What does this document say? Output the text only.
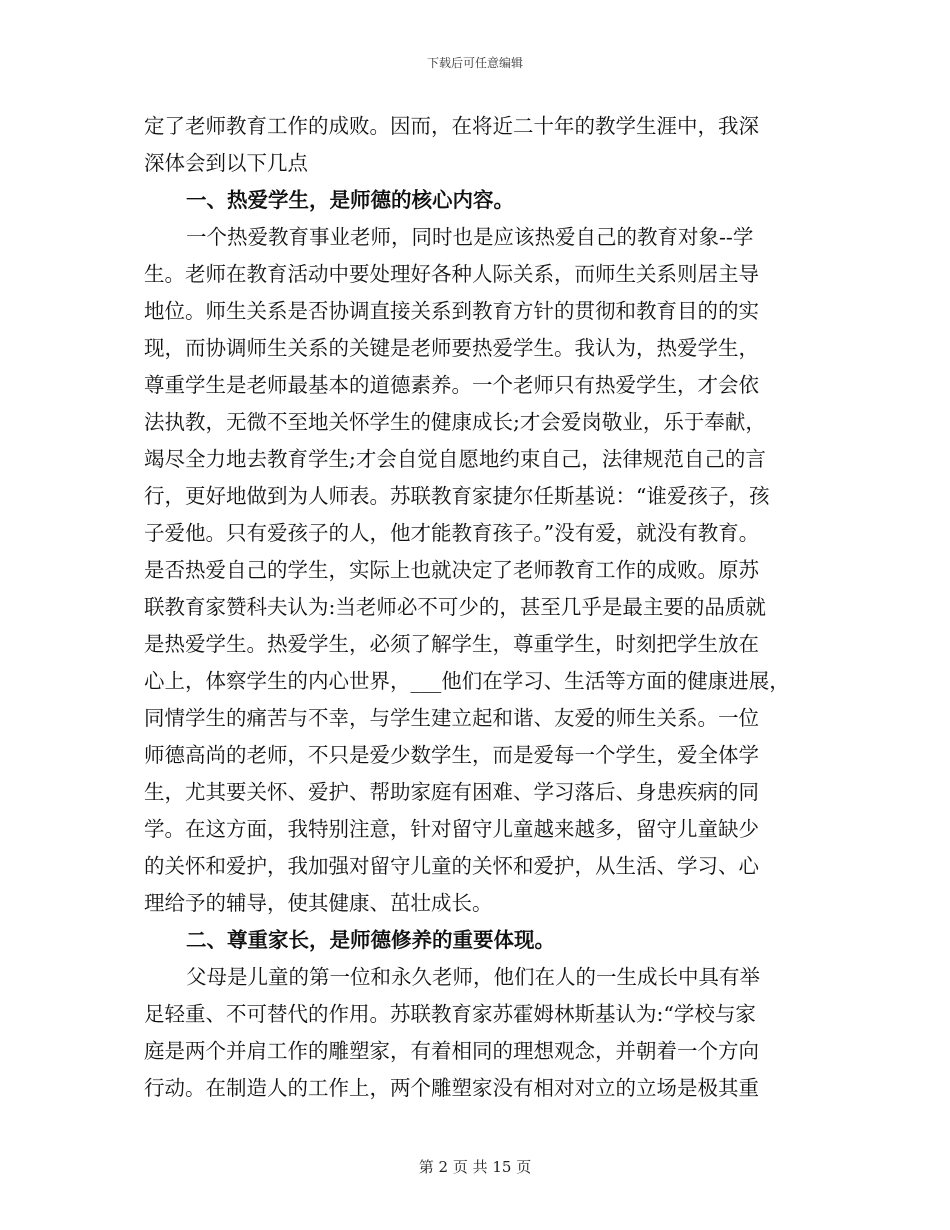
下载后可任意编辑
定了老师教育工作的成败。因而，在将近二十年的教学生涯中，我深
深体会到以下几点
一、热爱学生，是师德的核心内容。
一个热爱教育事业老师，同时也是应该热爱自己的教育对象--学
生。老师在教育活动中要处理好各种人际关系，而师生关系则居主导
地位。师生关系是否协调直接关系到教育方针的贯彻和教育目的的实
现，而协调师生关系的关键是老师要热爱学生。我认为，热爱学生，
尊重学生是老师最基本的道德素养。一个老师只有热爱学生，才会依
法执教，无微不至地关怀学生的健康成长;才会爱岗敬业，乐于奉献，
竭尽全力地去教育学生;才会自觉自愿地约束自己，法律规范自己的言
行，更好地做到为人师表。苏联教育家捷尔任斯基说：“谁爱孩子，孩
子爱他。只有爱孩子的人，他才能教育孩子。”没有爱，就没有教育。
是否热爱自己的学生，实际上也就决定了老师教育工作的成败。原苏
联教育家赞科夫认为:当老师必不可少的，甚至几乎是最主要的品质就
是热爱学生。热爱学生，必须了解学生，尊重学生，时刻把学生放在
心上，体察学生的内心世界，___他们在学习、生活等方面的健康进展，
同情学生的痛苦与不幸，与学生建立起和谐、友爱的师生关系。一位
师德高尚的老师，不只是爱少数学生，而是爱每一个学生，爱全体学
生，尤其要关怀、爱护、帮助家庭有困难、学习落后、身患疾病的同
学。在这方面，我特别注意，针对留守儿童越来越多，留守儿童缺少
的关怀和爱护，我加强对留守儿童的关怀和爱护，从生活、学习、心
理给予的辅导，使其健康、茁壮成长。
二、尊重家长，是师德修养的重要体现。
父母是儿童的第一位和永久老师，他们在人的一生成长中具有举
足轻重、不可替代的作用。苏联教育家苏霍姆林斯基认为:“学校与家
庭是两个并肩工作的雕塑家，有着相同的理想观念，并朝着一个方向
行动。在制造人的工作上，两个雕塑家没有相对对立的立场是极其重
第 2 页 共 15 页
